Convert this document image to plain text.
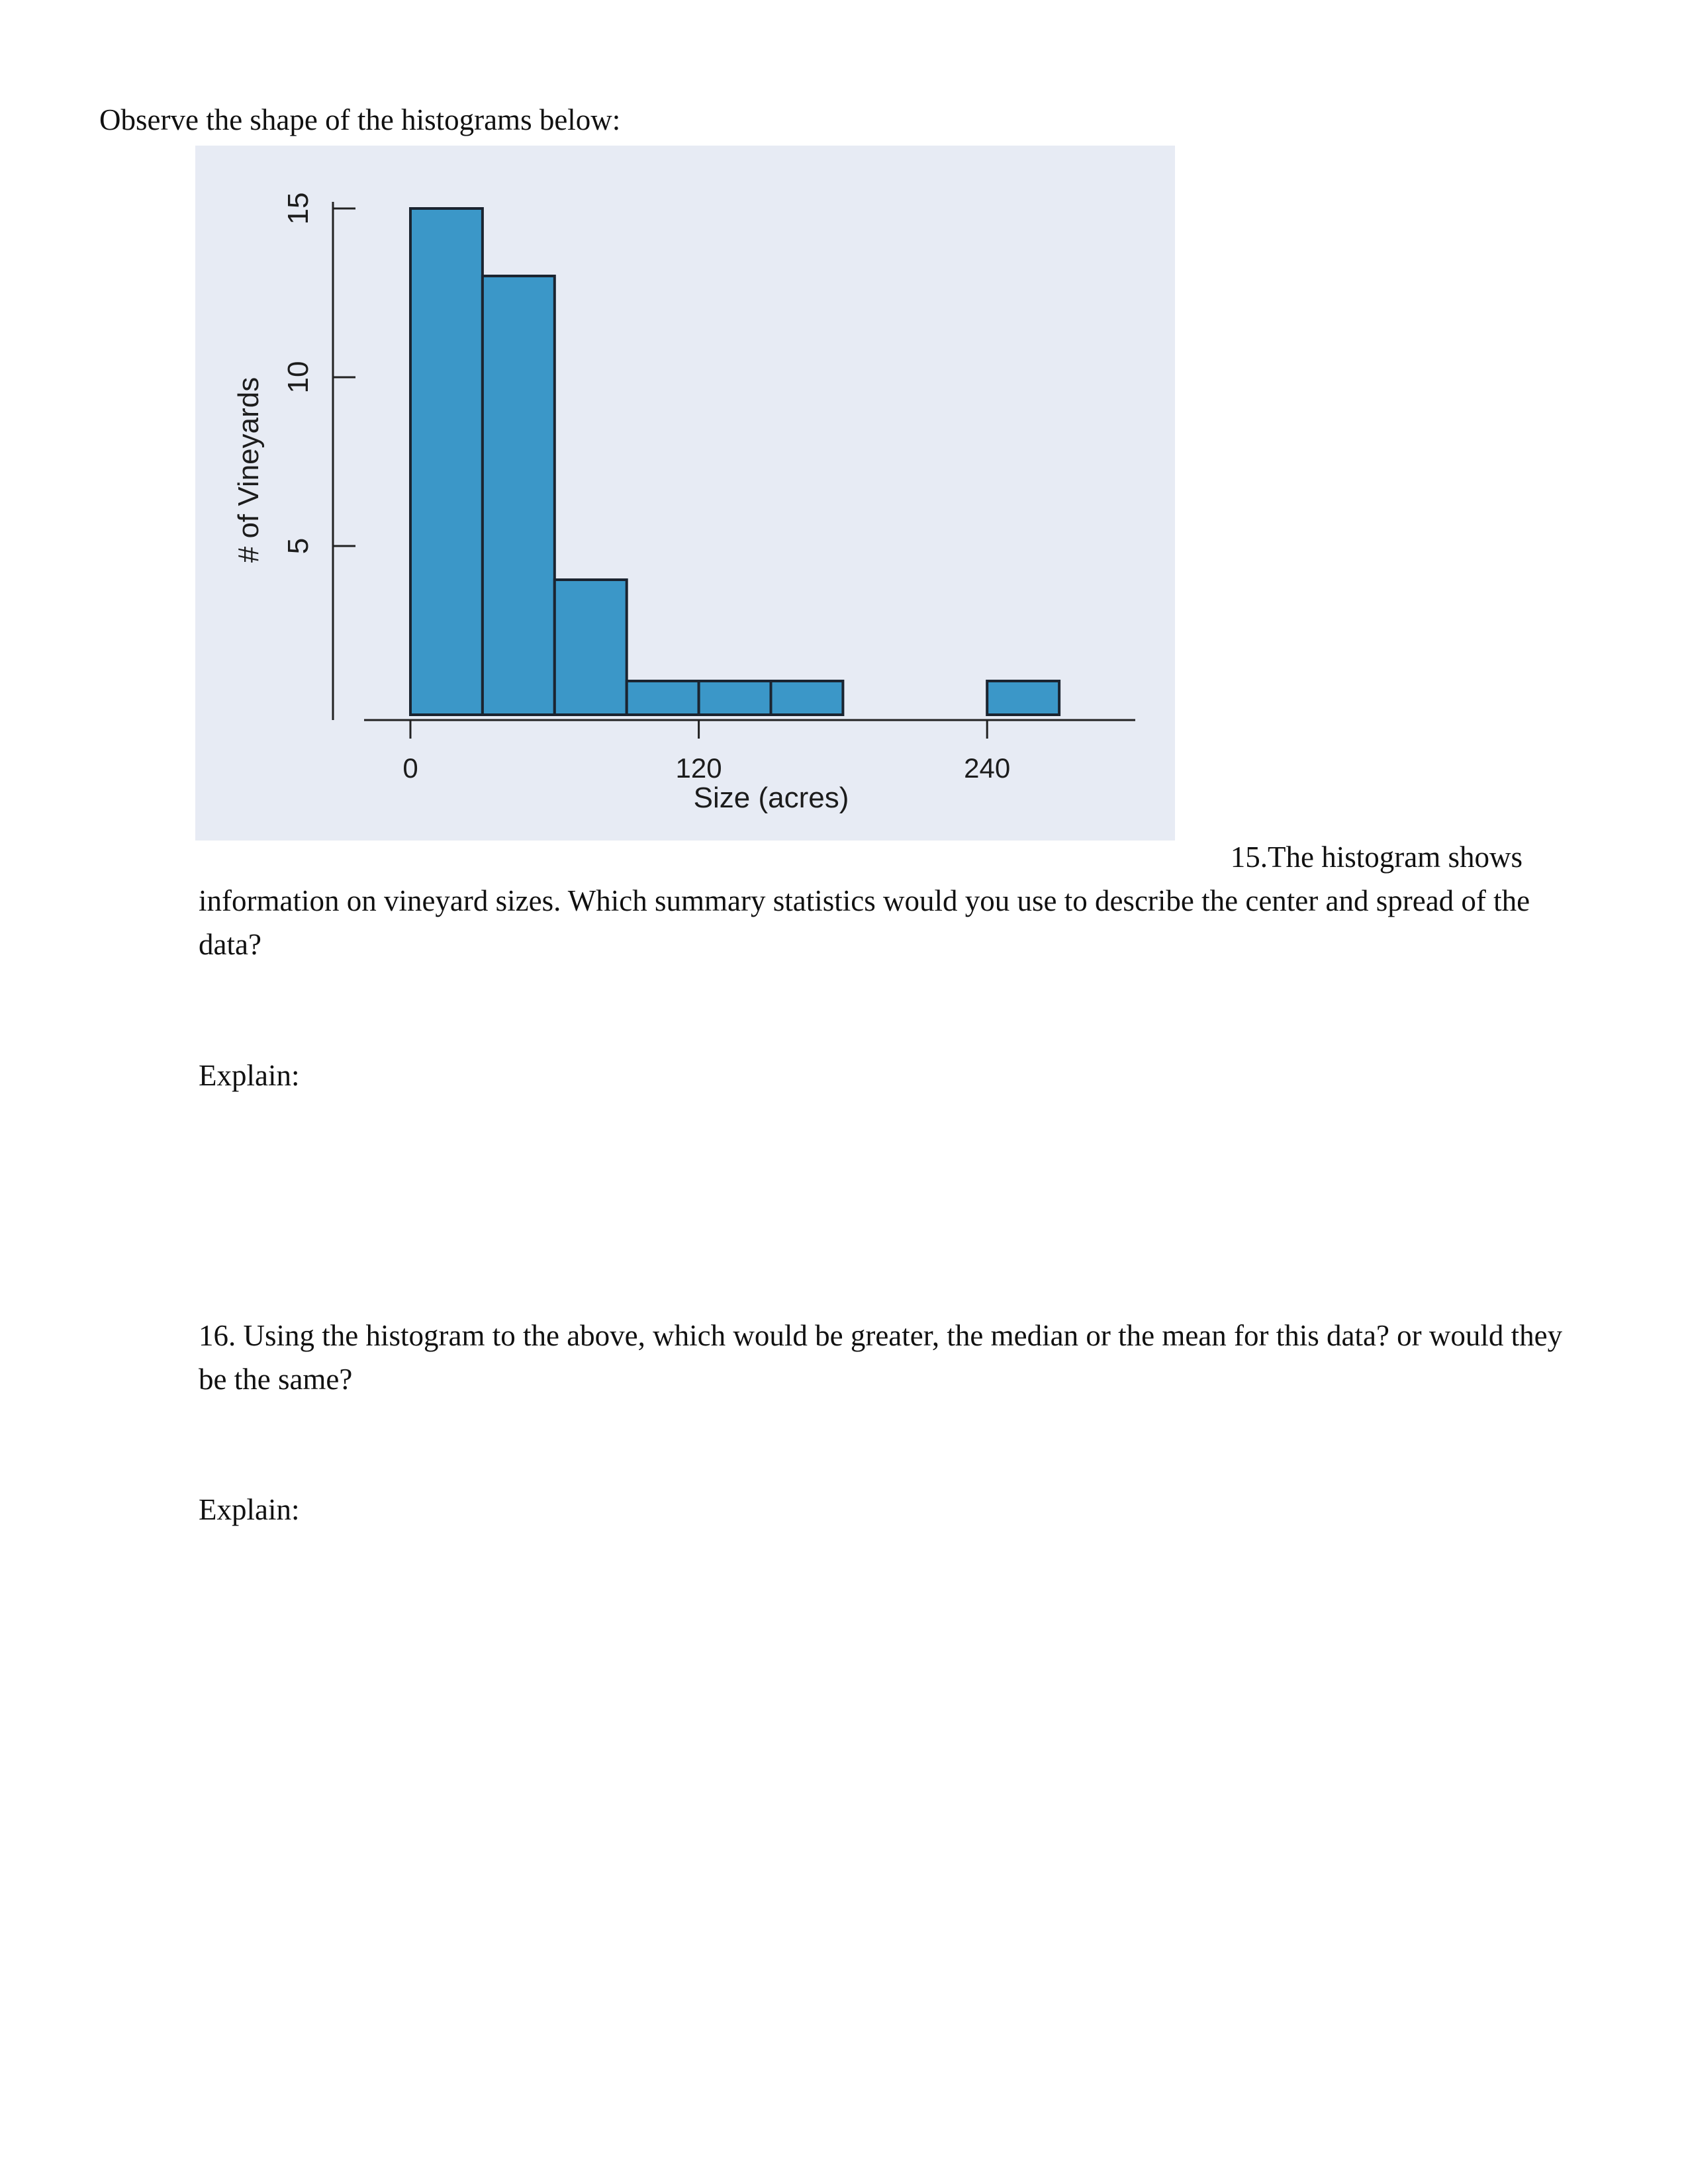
Observe the shape of the histograms below:

5
10
15
0	120	240
Size (acres)
# of Vineyards

15.The histogram shows

information on vineyard sizes. Which summary statistics would you use to describe the center and spread of the data?

Explain:

16. Using the histogram to the above, which would be greater, the median or the mean for this data? or would they be the same?

Explain:
